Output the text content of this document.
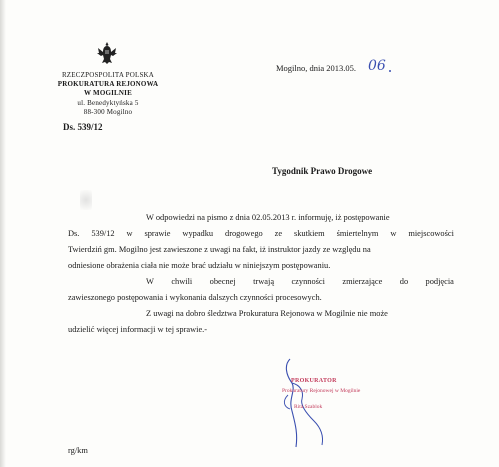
RZECZPOSPOLITA POLSKA
PROKURATURA REJONOWA
W MOGILNIE
ul. Benedyktyńska 5
88-300 Mogilno
Ds. 539/12
Mogilno, dnia 2013.05. 06
Tygodnik Prawo Drogowe
W odpowiedzi na pismo z dnia 02.05.2013 r. informuję, iż postępowanie
Ds. 539/12 w sprawie wypadku drogowego ze skutkiem śmiertelnym w miejscowości
Twierdziń gm. Mogilno jest zawieszone z uwagi na fakt, iż instruktor jazdy ze względu na
odniesione obrażenia ciała nie może brać udziału w niniejszym postępowaniu.
W chwili obecnej trwają czynności zmierzające do podjęcia
zawieszonego postępowania i wykonania dalszych czynności procesowych.
Z uwagi na dobro śledztwa Prokuratura Rejonowa w Mogilnie nie może
udzielić więcej informacji w tej sprawie.-
PROKURATOR
Prokuratury Rejonowej w Mogilnie
Rita Szablok
rg/km
